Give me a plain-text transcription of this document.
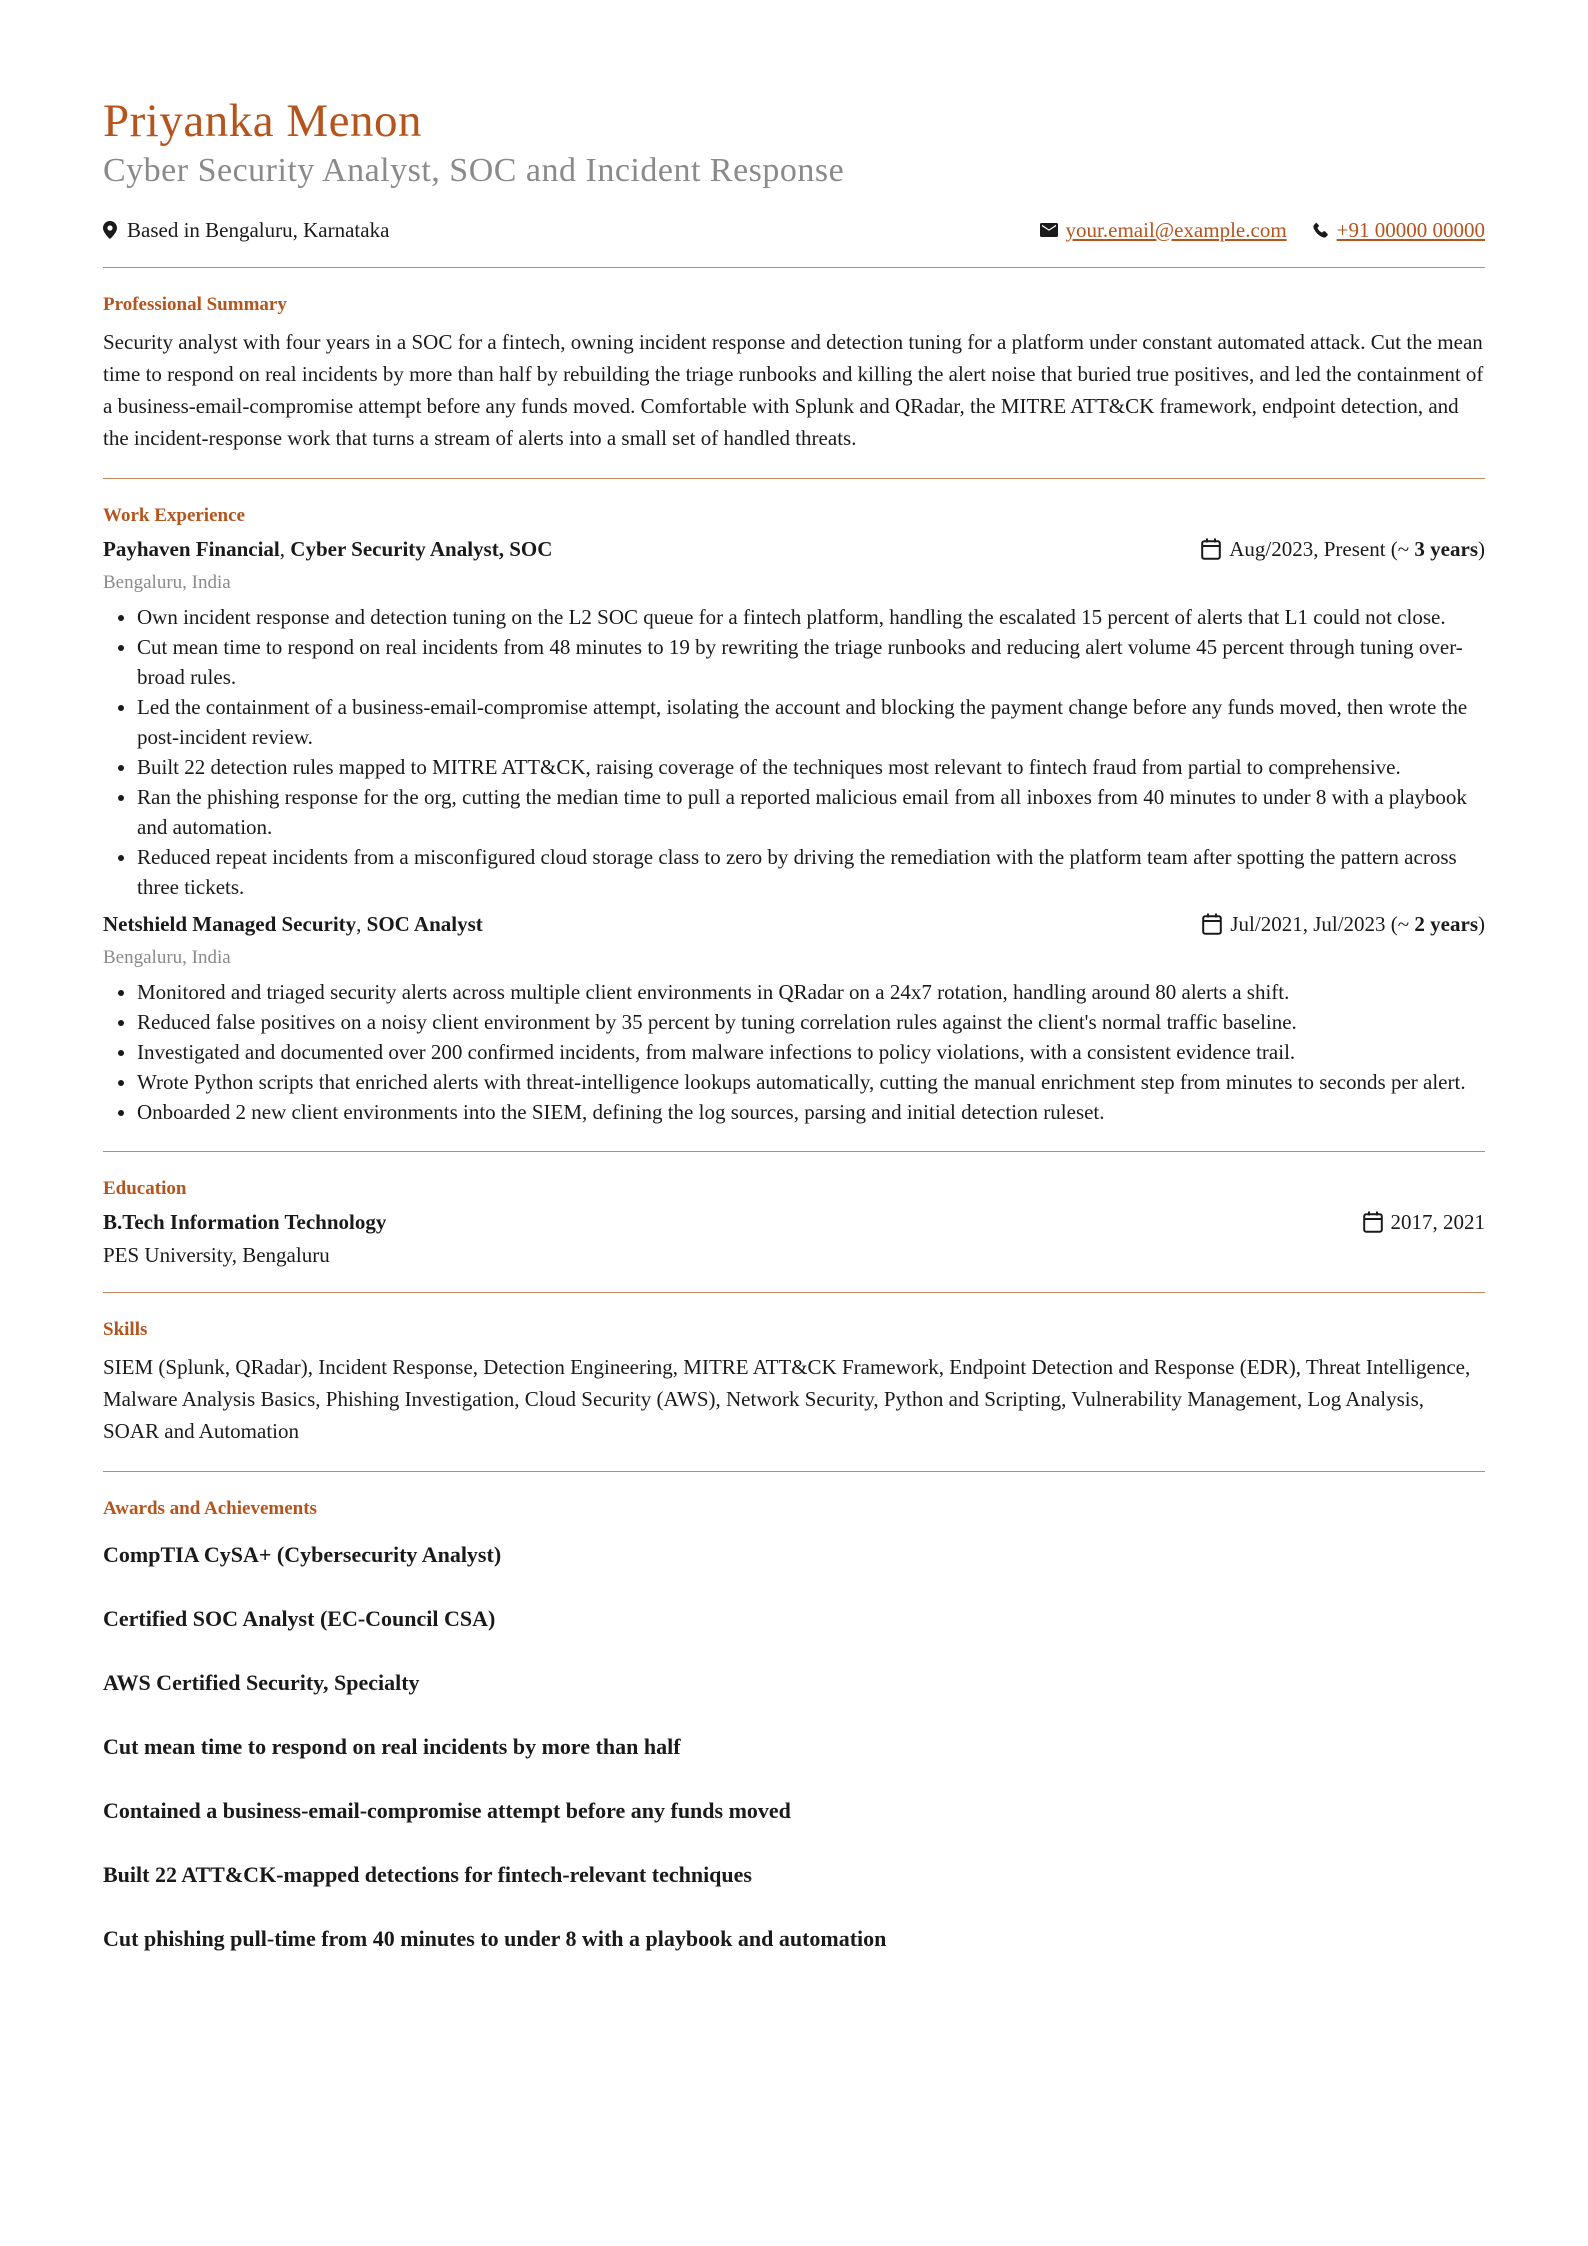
Priyanka Menon
Cyber Security Analyst, SOC and Incident Response
Based in Bengaluru, Karnataka	your.email@example.com +91 00000 00000
Professional Summary

Security analyst with four years in a SOC for a fintech, owning incident response and detection tuning for a platform under constant automated attack. Cut the mean time to respond on real incidents by more than half by rebuilding the triage runbooks and killing the alert noise that buried true positives, and led the containment of a business-email-compromise attempt before any funds moved. Comfortable with Splunk and QRadar, the MITRE ATT&CK framework, endpoint detection, and the incident-response work that turns a stream of alerts into a small set of handled threats.

Work Experience
Payhaven Financial, Cyber Security Analyst, SOC	Aug/2023, Present (~ 3 years)
Bengaluru, India
• Own incident response and detection tuning on the L2 SOC queue for a fintech platform, handling the escalated 15 percent of alerts that L1 could not close.
• Cut mean time to respond on real incidents from 48 minutes to 19 by rewriting the triage runbooks and reducing alert volume 45 percent through tuning over-broad rules.
• Led the containment of a business-email-compromise attempt, isolating the account and blocking the payment change before any funds moved, then wrote the post-incident review.
• Built 22 detection rules mapped to MITRE ATT&CK, raising coverage of the techniques most relevant to fintech fraud from partial to comprehensive.
• Ran the phishing response for the org, cutting the median time to pull a reported malicious email from all inboxes from 40 minutes to under 8 with a playbook and automation.
• Reduced repeat incidents from a misconfigured cloud storage class to zero by driving the remediation with the platform team after spotting the pattern across three tickets.
Netshield Managed Security, SOC Analyst	Jul/2021, Jul/2023 (~ 2 years)
Bengaluru, India
• Monitored and triaged security alerts across multiple client environments in QRadar on a 24x7 rotation, handling around 80 alerts a shift.
• Reduced false positives on a noisy client environment by 35 percent by tuning correlation rules against the client's normal traffic baseline.
• Investigated and documented over 200 confirmed incidents, from malware infections to policy violations, with a consistent evidence trail.
• Wrote Python scripts that enriched alerts with threat-intelligence lookups automatically, cutting the manual enrichment step from minutes to seconds per alert.
• Onboarded 2 new client environments into the SIEM, defining the log sources, parsing and initial detection ruleset.
Education
B.Tech Information Technology	2017, 2021
PES University, Bengaluru
Skills

SIEM (Splunk, QRadar), Incident Response, Detection Engineering, MITRE ATT&CK Framework, Endpoint Detection and Response (EDR), Threat Intelligence, Malware Analysis Basics, Phishing Investigation, Cloud Security (AWS), Network Security, Python and Scripting, Vulnerability Management, Log Analysis, SOAR and Automation

Awards and Achievements

CompTIA CySA+ (Cybersecurity Analyst)

Certified SOC Analyst (EC-Council CSA)

AWS Certified Security, Specialty

Cut mean time to respond on real incidents by more than half

Contained a business-email-compromise attempt before any funds moved

Built 22 ATT&CK-mapped detections for fintech-relevant techniques

Cut phishing pull-time from 40 minutes to under 8 with a playbook and automation
